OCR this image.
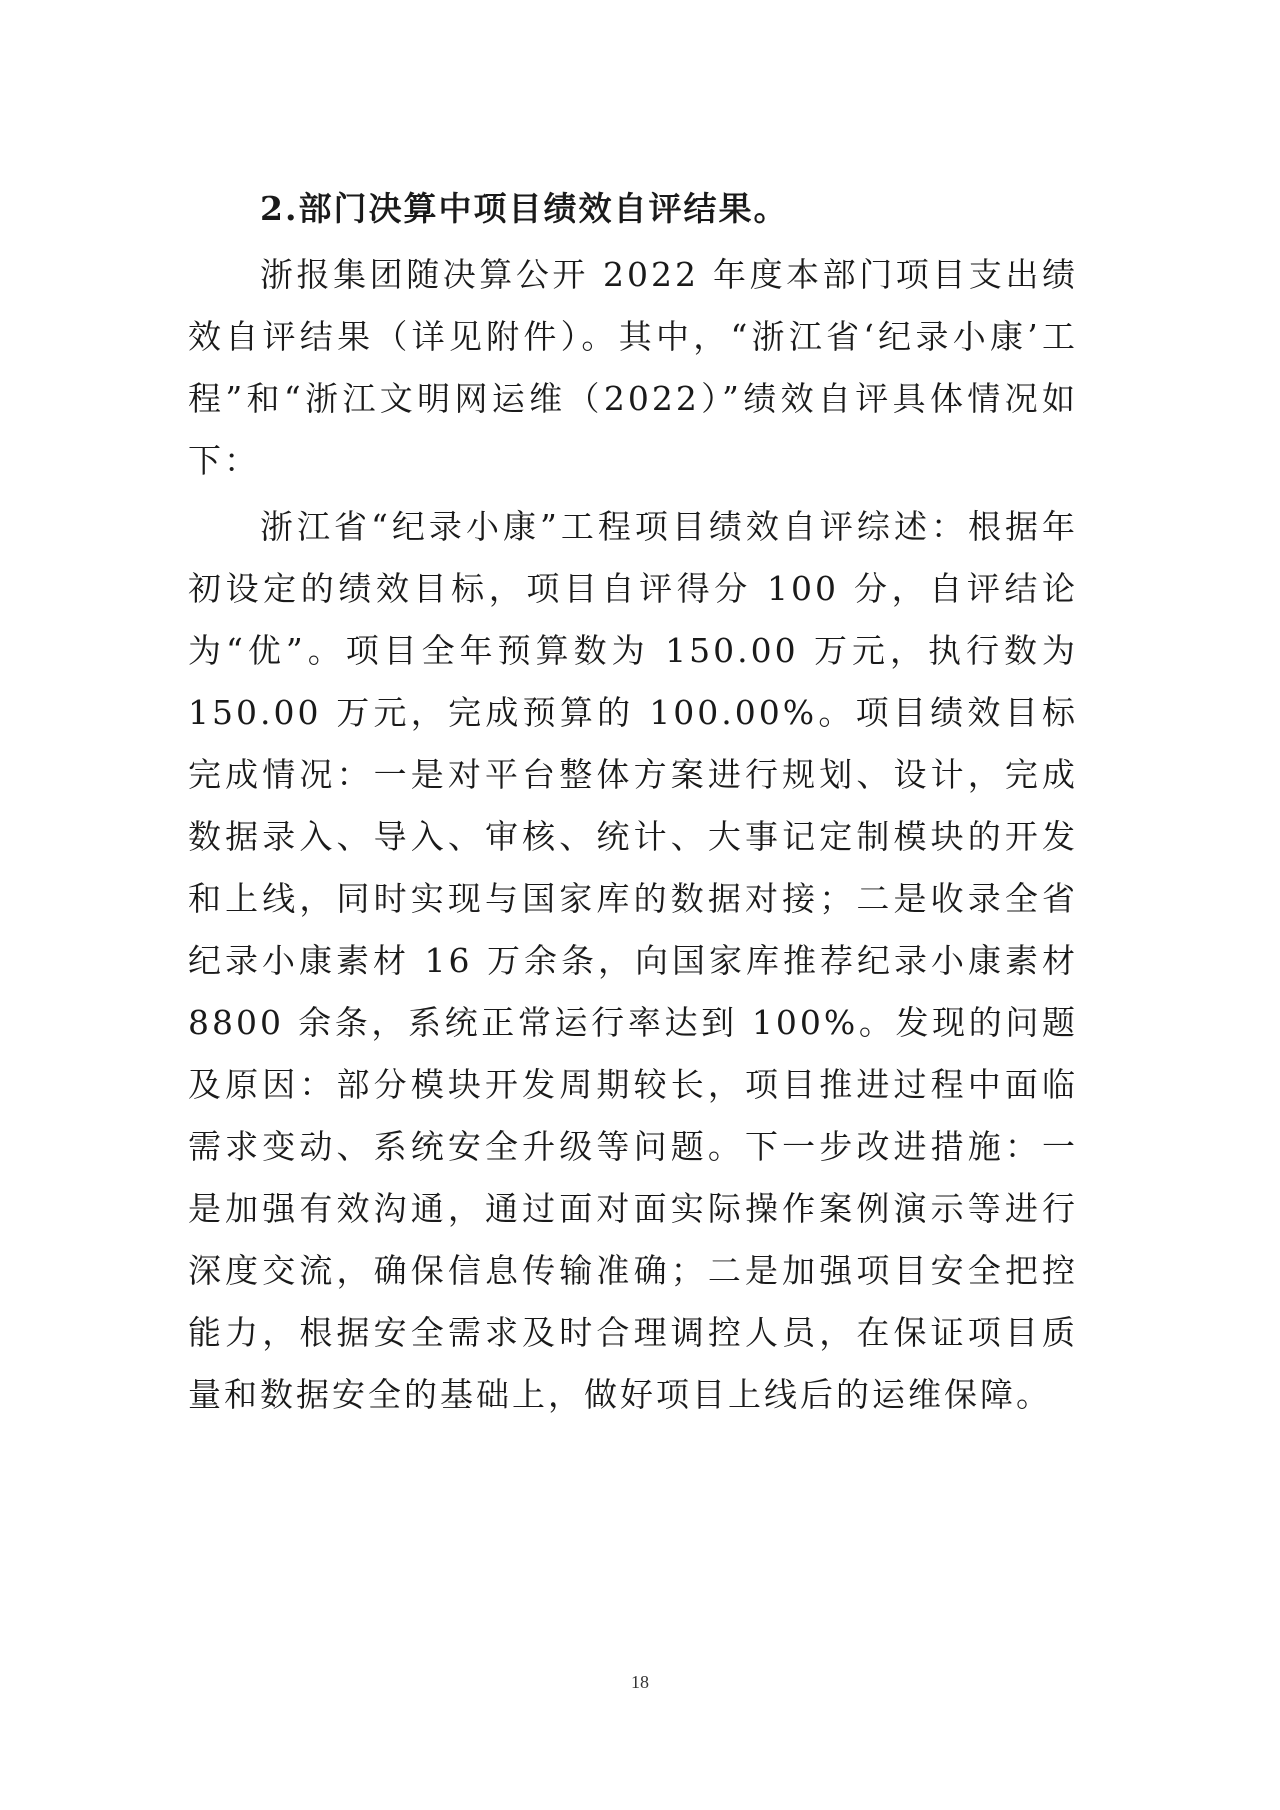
2.部门决算中项目绩效自评结果。

浙报集团随决算公开 2022 年度本部门项目支出绩效自评结果（详见附件）。其中，“浙江省‘纪录小康’工程”和“浙江文明网运维（2022）”绩效自评具体情况如下：

浙江省“纪录小康”工程项目绩效自评综述：根据年初设定的绩效目标，项目自评得分 100 分，自评结论为“优”。项目全年预算数为 150.00 万元，执行数为 150.00 万元，完成预算的 100.00%。项目绩效目标完成情况：一是对平台整体方案进行规划、设计，完成数据录入、导入、审核、统计、大事记定制模块的开发和上线，同时实现与国家库的数据对接；二是收录全省纪录小康素材 16 万余条，向国家库推荐纪录小康素材 8800 余条，系统正常运行率达到 100%。发现的问题及原因：部分模块开发周期较长，项目推进过程中面临需求变动、系统安全升级等问题。下一步改进措施：一是加强有效沟通，通过面对面实际操作案例演示等进行深度交流，确保信息传输准确；二是加强项目安全把控能力，根据安全需求及时合理调控人员，在保证项目质量和数据安全的基础上，做好项目上线后的运维保障。

18
